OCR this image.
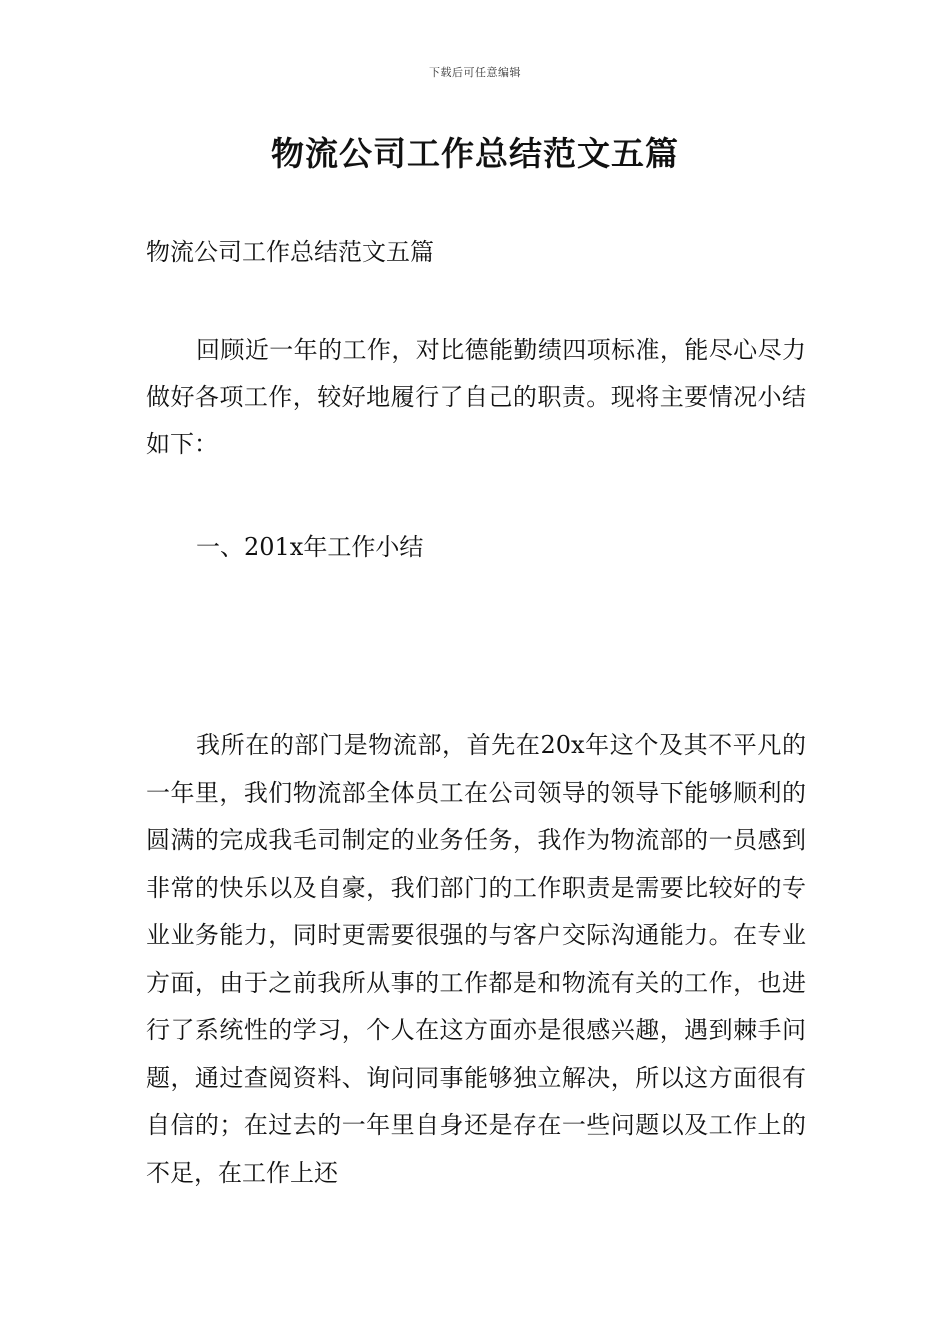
下载后可任意编辑
物流公司工作总结范文五篇

物流公司工作总结范文五篇

回顾近一年的工作，对比德能勤绩四项标准，能尽心尽力做好各项工作，较好地履行了自己的职责。现将主要情况小结如下：

一、201x年工作小结

我所在的部门是物流部，首先在20x年这个及其不平凡的一年里，我们物流部全体员工在公司领导的领导下能够顺利的圆满的完成我毛司制定的业务任务，我作为物流部的一员感到非常的快乐以及自豪，我们部门的工作职责是需要比较好的专业业务能力，同时更需要很强的与客户交际沟通能力。在专业方面，由于之前我所从事的工作都是和物流有关的工作，也进行了系统性的学习，个人在这方面亦是很感兴趣，遇到棘手问题，通过查阅资料、询问同事能够独立解决，所以这方面很有自信的；在过去的一年里自身还是存在一些问题以及工作上的不足，在工作上还
